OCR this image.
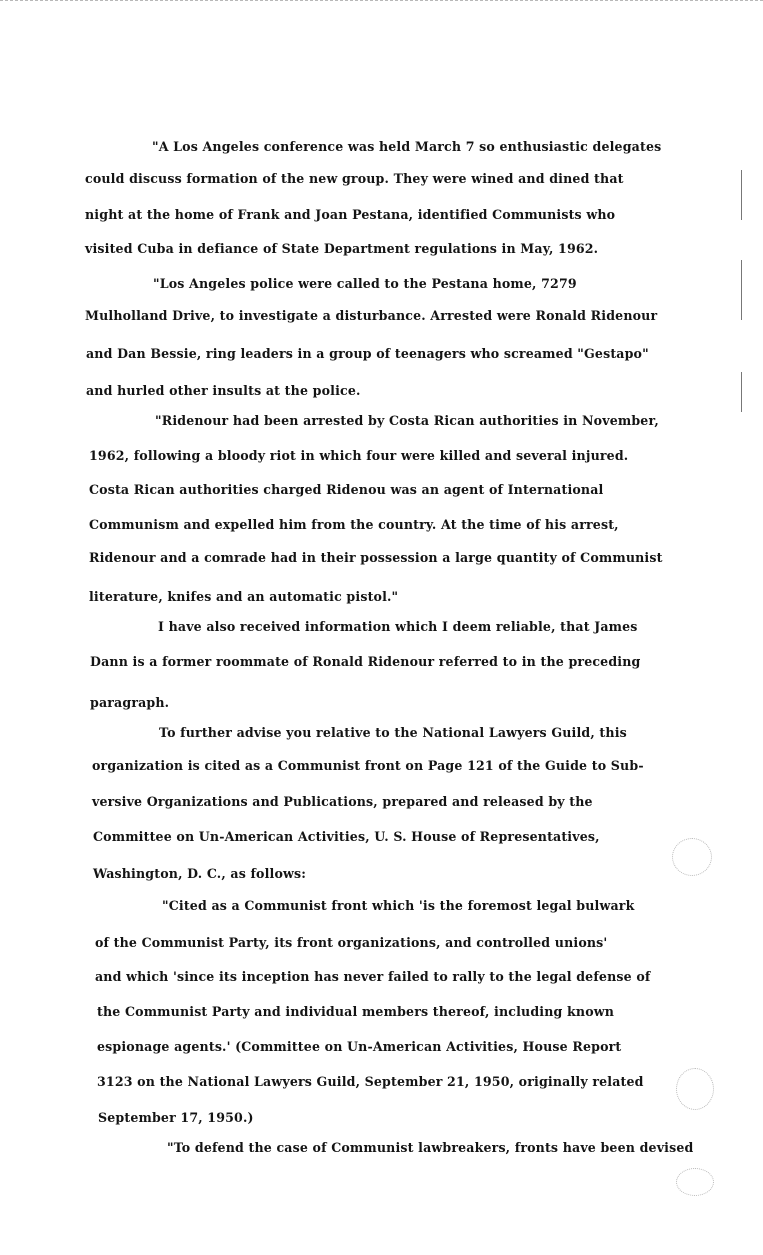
"A Los Angeles conference was held March 7 so enthusiastic delegates
could discuss formation of the new group. They were wined and dined that
night at the home of Frank and Joan Pestana, identified Communists who
visited Cuba in defiance of State Department regulations in May, 1962.
"Los Angeles police were called to the Pestana home, 7279
Mulholland Drive, to investigate a disturbance. Arrested were Ronald Ridenour
and Dan Bessie, ring leaders in a group of teenagers who screamed "Gestapo"
and hurled other insults at the police.
"Ridenour had been arrested by Costa Rican authorities in November,
1962, following a bloody riot in which four were killed and several injured.
Costa Rican authorities charged Ridenou was an agent of International
Communism and expelled him from the country. At the time of his arrest,
Ridenour and a comrade had in their possession a large quantity of Communist
literature, knifes and an automatic pistol."
I have also received information which I deem reliable, that James
Dann is a former roommate of Ronald Ridenour referred to in the preceding
paragraph.
To further advise you relative to the National Lawyers Guild, this
organization is cited as a Communist front on Page 121 of the Guide to Sub-
versive Organizations and Publications, prepared and released by the
Committee on Un-American Activities, U. S. House of Representatives,
Washington, D. C., as follows:
"Cited as a Communist front which 'is the foremost legal bulwark
of the Communist Party, its front organizations, and controlled unions'
and which 'since its inception has never failed to rally to the legal defense of
the Communist Party and individual members thereof, including known
espionage agents.' (Committee on Un-American Activities, House Report
3123 on the National Lawyers Guild, September 21, 1950, originally related
September 17, 1950.)
"To defend the case of Communist lawbreakers, fronts have been devised
